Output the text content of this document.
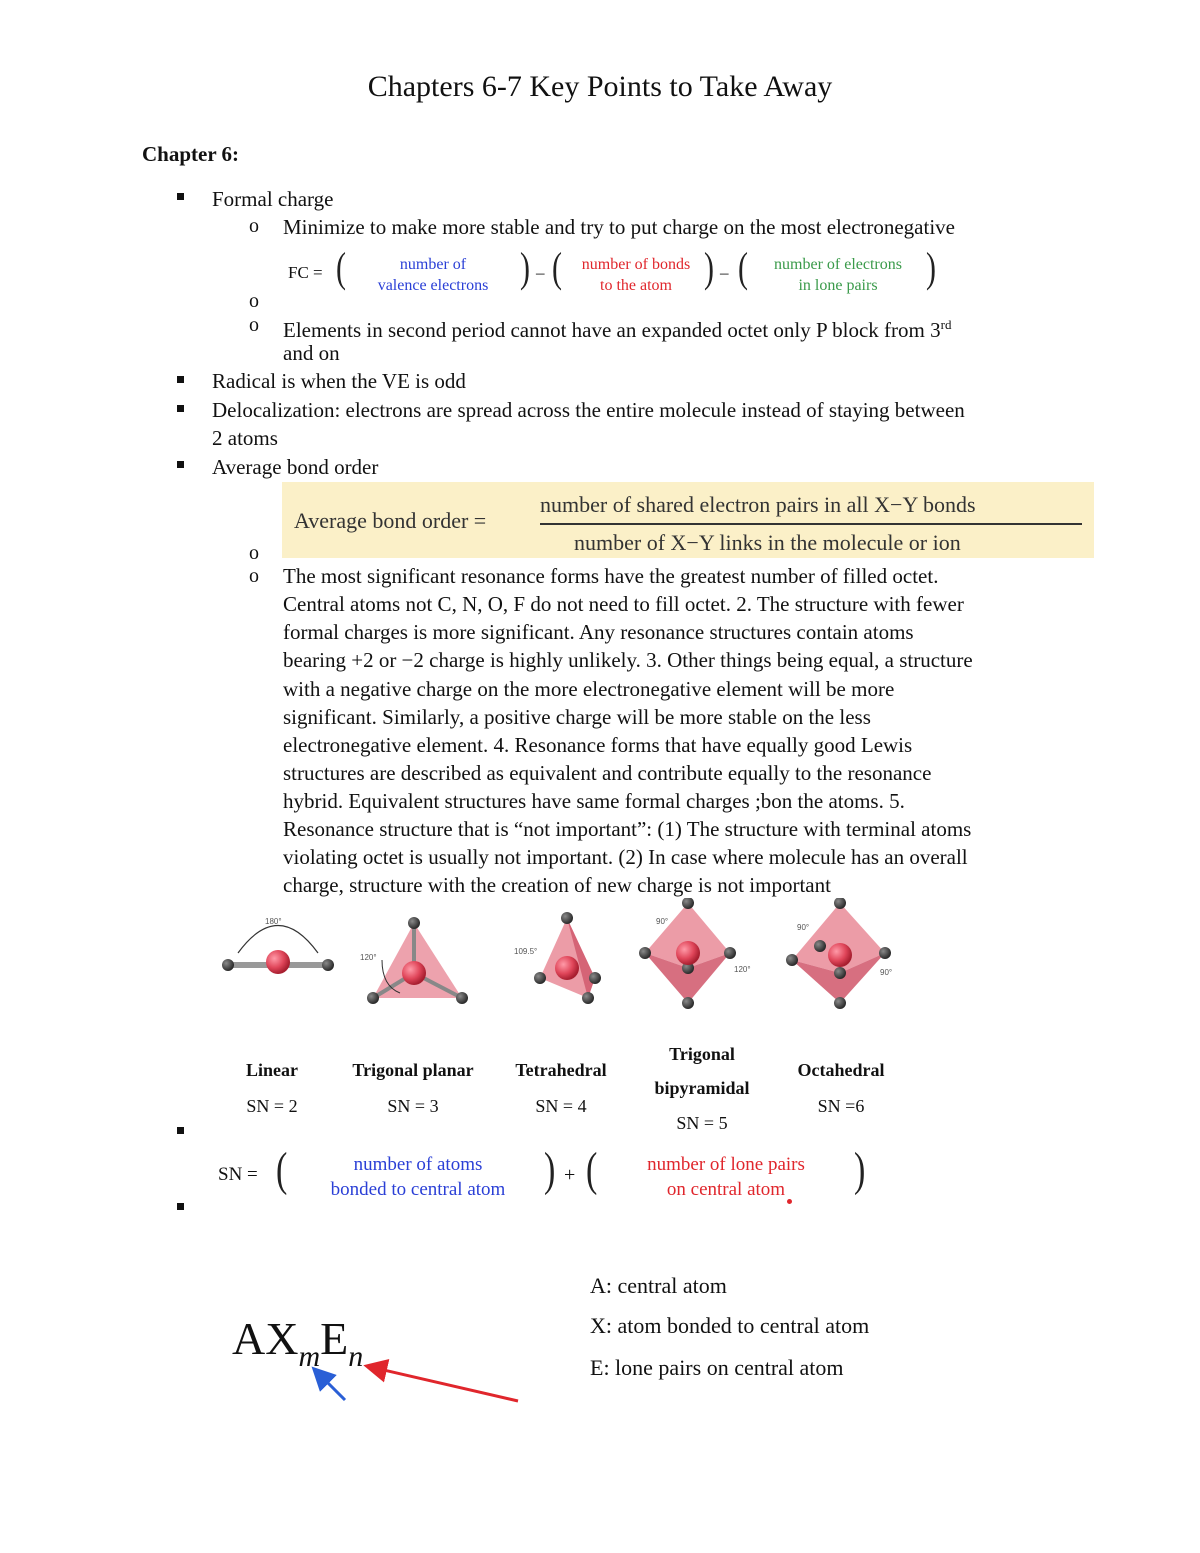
Chapters 6-7 Key Points to Take Away
Chapter 6:
Formal charge
o Minimize to make more stable and try to put charge on the most electronegative
FC = (	number of
valence electrons	) – (	number of bonds
to the atom	) – (	number of electrons
in lone pairs	)
o
o Elements in second period cannot have an expanded octet only P block from 3rd
and on
Radical is when the VE is odd
Delocalization: electrons are spread across the entire molecule instead of staying between
2 atoms
Average bond order
Average bond order =
number of shared electron pairs in all X−Y bonds
number of X−Y links in the molecule or ion
o
o The most significant resonance forms have the greatest number of filled octet.
Central atoms not C, N, O, F do not need to fill octet. 2. The structure with fewer
formal charges is more significant. Any resonance structures contain atoms
bearing +2 or −2 charge is highly unlikely. 3. Other things being equal, a structure
with a negative charge on the more electronegative element will be more
significant. Similarly, a positive charge will be more stable on the less
electronegative element. 4. Resonance forms that have equally good Lewis
structures are described as equivalent and contribute equally to the resonance
hybrid. Equivalent structures have same formal charges ;bon the atoms. 5.
Resonance structure that is “not important”: (1) The structure with terminal atoms
violating octet is usually not important. (2) In case where molecule has an overall
charge, structure with the creation of new charge is not important
180°
120°
109.5°
90°
120°
90°
90°
Linear
SN = 2
Trigonal planar
SN = 3
Tetrahedral
SN = 4
Trigonal
bipyramidal
SN = 5
Octahedral
SN =6
SN = (	number of atoms
bonded to central atom	) + (	number of lone pairs
on central atom	)
$AX_mE_n$
A: central atom
X: atom bonded to central atom
E: lone pairs on central atom
